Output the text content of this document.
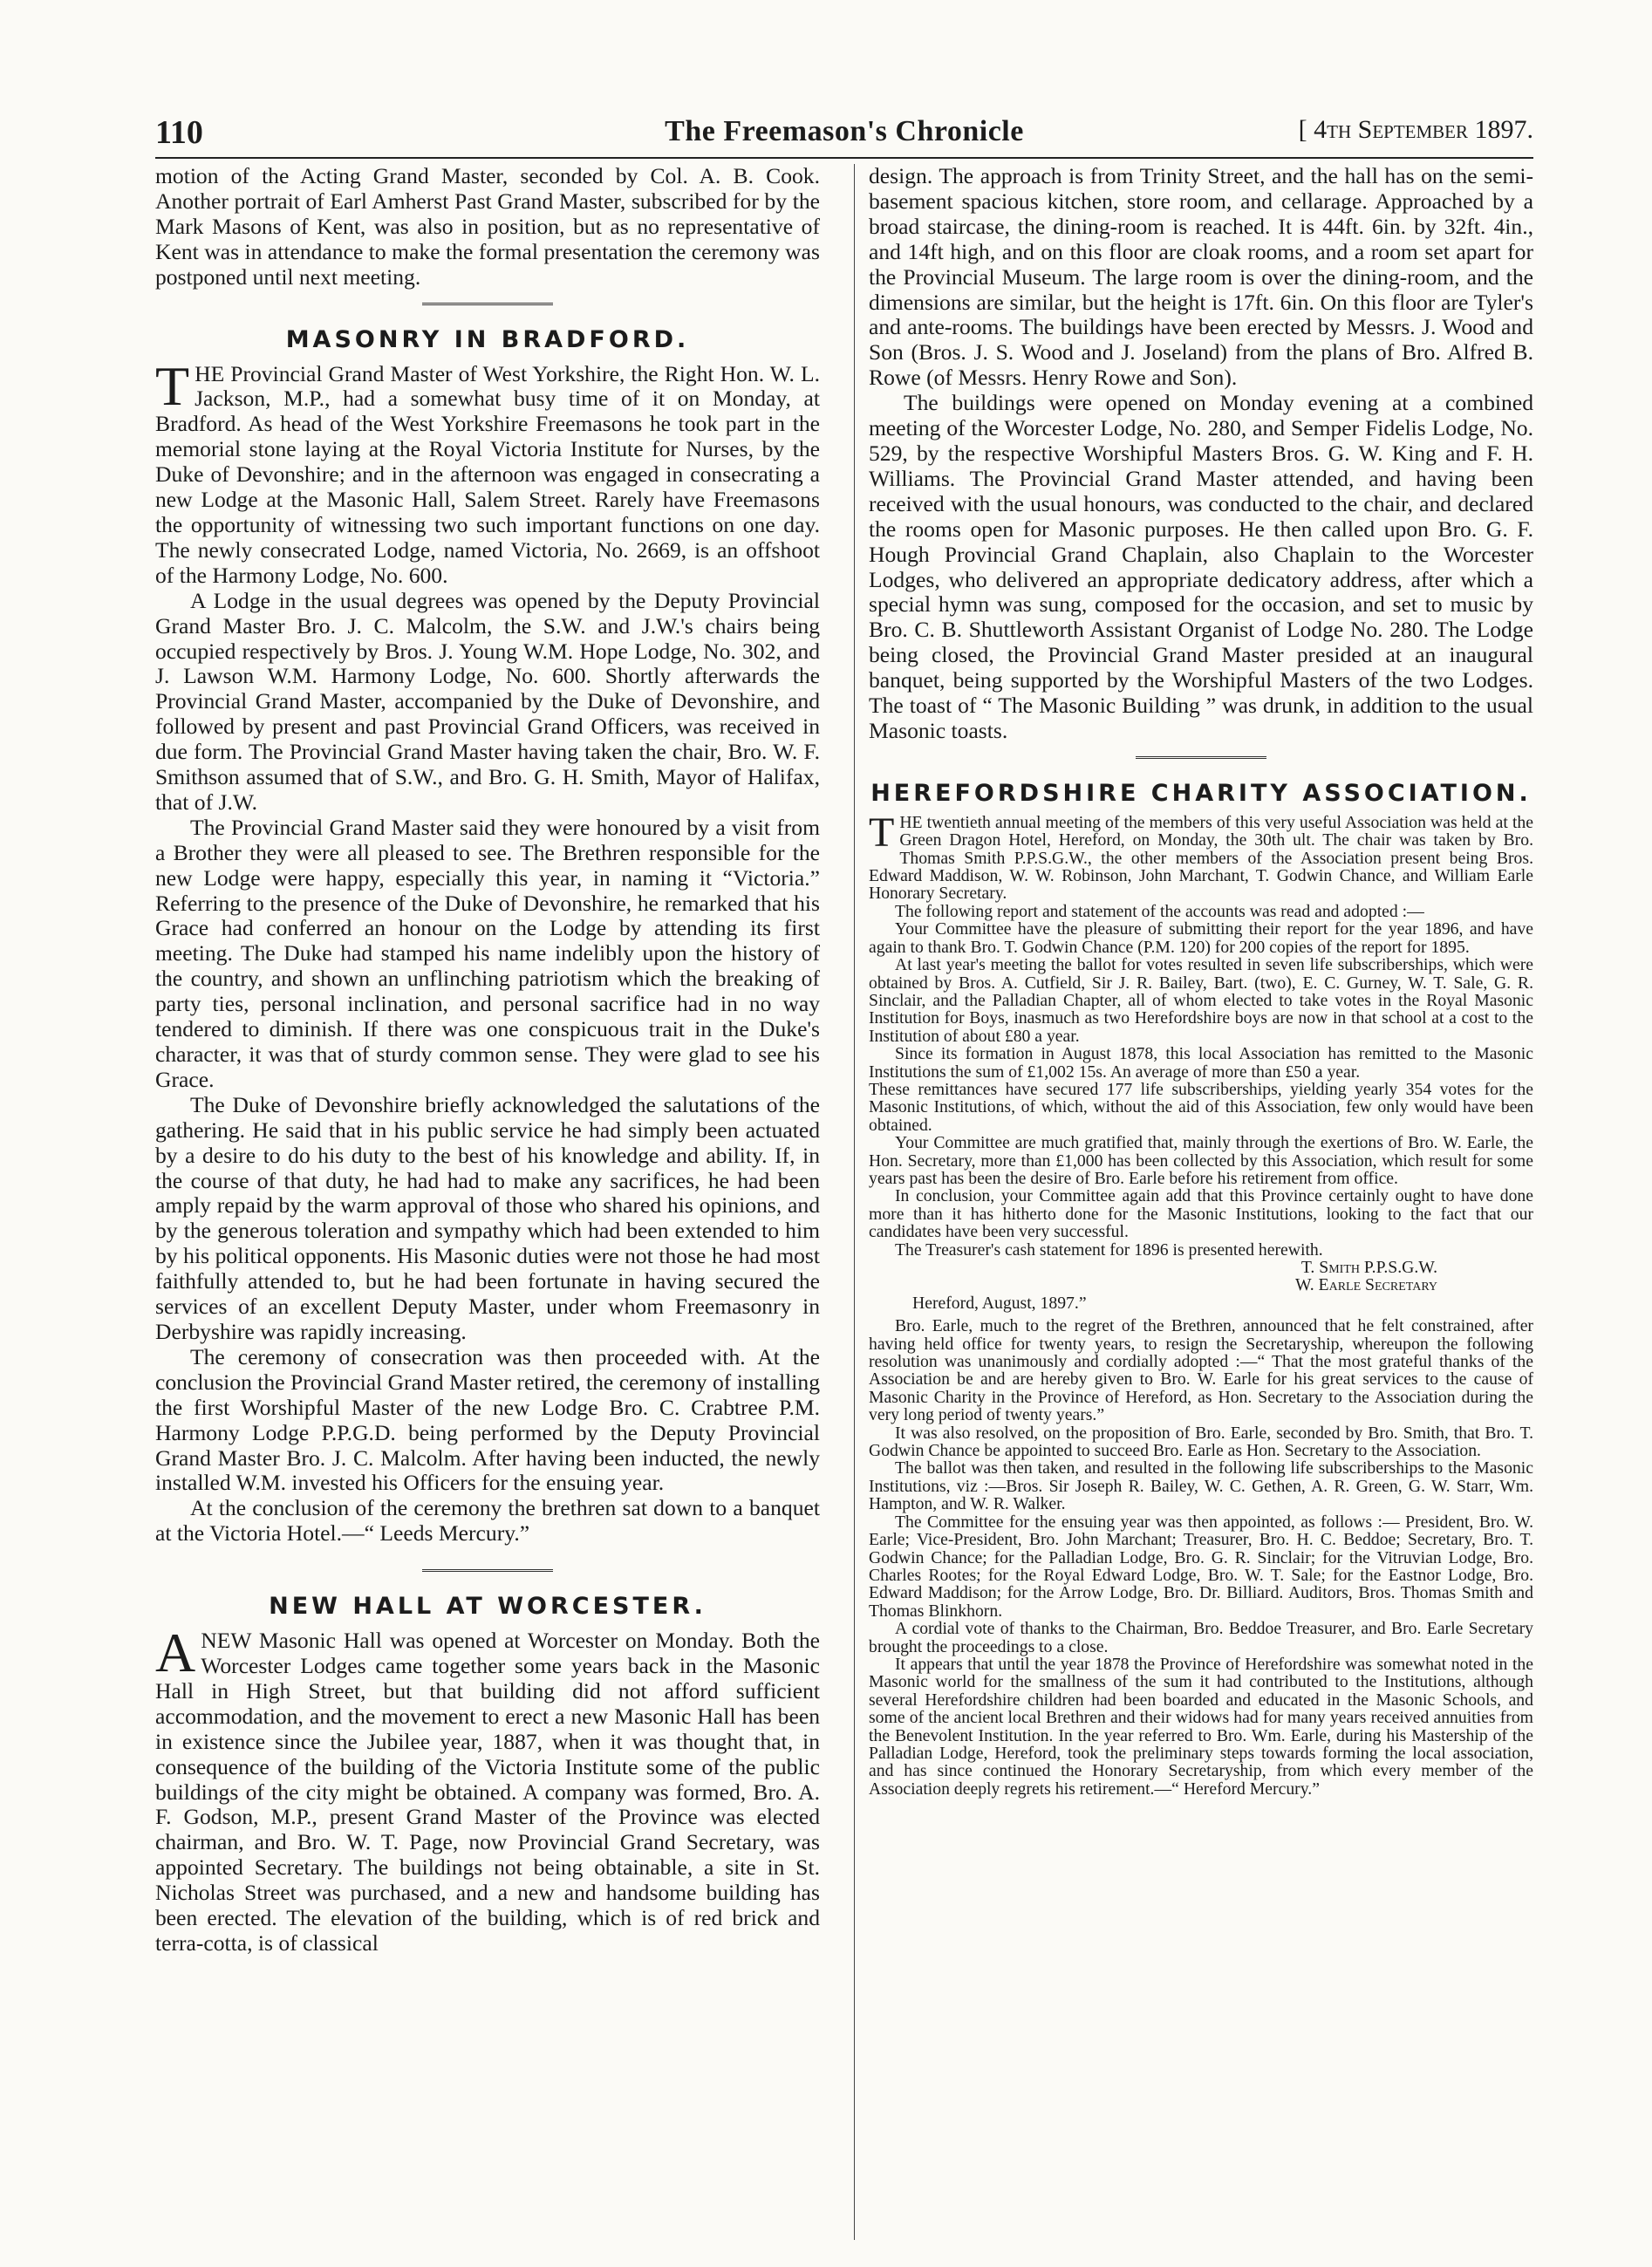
110	The Freemason's Chronicle	[ 4th September 1897.

motion of the Acting Grand Master, seconded by Col. A. B. Cook. Another portrait of Earl Amherst Past Grand Master, subscribed for by the Mark Masons of Kent, was also in position, but as no representative of Kent was in attendance to make the formal presentation the ceremony was postponed until next meeting.

MASONRY IN BRADFORD.

THE Provincial Grand Master of West Yorkshire, the Right Hon. W. L. Jackson, M.P., had a somewhat busy time of it on Monday, at Bradford. As head of the West Yorkshire Freemasons he took part in the memorial stone laying at the Royal Victoria Institute for Nurses, by the Duke of Devonshire; and in the afternoon was engaged in consecrating a new Lodge at the Masonic Hall, Salem Street. Rarely have Freemasons the opportunity of witnessing two such important functions on one day. The newly consecrated Lodge, named Victoria, No. 2669, is an offshoot of the Harmony Lodge, No. 600.

A Lodge in the usual degrees was opened by the Deputy Provincial Grand Master Bro. J. C. Malcolm, the S.W. and J.W.'s chairs being occupied respectively by Bros. J. Young W.M. Hope Lodge, No. 302, and J. Lawson W.M. Harmony Lodge, No. 600. Shortly afterwards the Provincial Grand Master, accompanied by the Duke of Devonshire, and followed by present and past Provincial Grand Officers, was received in due form. The Provincial Grand Master having taken the chair, Bro. W. F. Smithson assumed that of S.W., and Bro. G. H. Smith, Mayor of Halifax, that of J.W.

The Provincial Grand Master said they were honoured by a visit from a Brother they were all pleased to see. The Brethren responsible for the new Lodge were happy, especially this year, in naming it “Victoria.” Referring to the presence of the Duke of Devonshire, he remarked that his Grace had conferred an honour on the Lodge by attending its first meeting. The Duke had stamped his name indelibly upon the history of the country, and shown an unflinching patriotism which the breaking of party ties, personal inclination, and personal sacrifice had in no way tendered to diminish. If there was one conspicuous trait in the Duke's character, it was that of sturdy common sense. They were glad to see his Grace.

The Duke of Devonshire briefly acknowledged the salutations of the gathering. He said that in his public service he had simply been actuated by a desire to do his duty to the best of his knowledge and ability. If, in the course of that duty, he had had to make any sacrifices, he had been amply repaid by the warm approval of those who shared his opinions, and by the generous toleration and sympathy which had been extended to him by his political opponents. His Masonic duties were not those he had most faithfully attended to, but he had been fortunate in having secured the services of an excellent Deputy Master, under whom Freemasonry in Derbyshire was rapidly increasing.

The ceremony of consecration was then proceeded with. At the conclusion the Provincial Grand Master retired, the ceremony of installing the first Worshipful Master of the new Lodge Bro. C. Crabtree P.M. Harmony Lodge P.P.G.D. being performed by the Deputy Provincial Grand Master Bro. J. C. Malcolm. After having been inducted, the newly installed W.M. invested his Officers for the ensuing year.

At the conclusion of the ceremony the brethren sat down to a banquet at the Victoria Hotel.—“ Leeds Mercury.”

NEW HALL AT WORCESTER.

ANEW Masonic Hall was opened at Worcester on Monday. Both the Worcester Lodges came together some years back in the Masonic Hall in High Street, but that building did not afford sufficient accommodation, and the movement to erect a new Masonic Hall has been in existence since the Jubilee year, 1887, when it was thought that, in consequence of the building of the Victoria Institute some of the public buildings of the city might be obtained. A company was formed, Bro. A. F. Godson, M.P., present Grand Master of the Province was elected chairman, and Bro. W. T. Page, now Provincial Grand Secretary, was appointed Secretary. The buildings not being obtainable, a site in St. Nicholas Street was purchased, and a new and handsome building has been erected. The elevation of the building, which is of red brick and terra-cotta, is of classical

design. The approach is from Trinity Street, and the hall has on the semi-basement spacious kitchen, store room, and cellarage. Approached by a broad staircase, the dining-room is reached. It is 44ft. 6in. by 32ft. 4in., and 14ft high, and on this floor are cloak rooms, and a room set apart for the Provincial Museum. The large room is over the dining-room, and the dimensions are similar, but the height is 17ft. 6in. On this floor are Tyler's and ante-rooms. The buildings have been erected by Messrs. J. Wood and Son (Bros. J. S. Wood and J. Joseland) from the plans of Bro. Alfred B. Rowe (of Messrs. Henry Rowe and Son).

The buildings were opened on Monday evening at a combined meeting of the Worcester Lodge, No. 280, and Semper Fidelis Lodge, No. 529, by the respective Worshipful Masters Bros. G. W. King and F. H. Williams. The Provincial Grand Master attended, and having been received with the usual honours, was conducted to the chair, and declared the rooms open for Masonic purposes. He then called upon Bro. G. F. Hough Provincial Grand Chaplain, also Chaplain to the Worcester Lodges, who delivered an appropriate dedicatory address, after which a special hymn was sung, composed for the occasion, and set to music by Bro. C. B. Shuttleworth Assistant Organist of Lodge No. 280. The Lodge being closed, the Provincial Grand Master presided at an inaugural banquet, being supported by the Worshipful Masters of the two Lodges. The toast of “ The Masonic Building ” was drunk, in addition to the usual Masonic toasts.

HEREFORDSHIRE CHARITY ASSOCIATION.

THE twentieth annual meeting of the members of this very useful Association was held at the Green Dragon Hotel, Hereford, on Monday, the 30th ult. The chair was taken by Bro. Thomas Smith P.P.S.G.W., the other members of the Association present being Bros. Edward Maddison, W. W. Robinson, John Marchant, T. Godwin Chance, and William Earle Honorary Secretary.

The following report and statement of the accounts was read and adopted :—

Your Committee have the pleasure of submitting their report for the year 1896, and have again to thank Bro. T. Godwin Chance (P.M. 120) for 200 copies of the report for 1895.

At last year's meeting the ballot for votes resulted in seven life subscriberships, which were obtained by Bros. A. Cutfield, Sir J. R. Bailey, Bart. (two), E. C. Gurney, W. T. Sale, G. R. Sinclair, and the Palladian Chapter, all of whom elected to take votes in the Royal Masonic Institution for Boys, inasmuch as two Herefordshire boys are now in that school at a cost to the Institution of about £80 a year.

Since its formation in August 1878, this local Association has remitted to the Masonic Institutions the sum of £1,002 15s. An average of more than £50 a year.

These remittances have secured 177 life subscriberships, yielding yearly 354 votes for the Masonic Institutions, of which, without the aid of this Association, few only would have been obtained.

Your Committee are much gratified that, mainly through the exertions of Bro. W. Earle, the Hon. Secretary, more than £1,000 has been collected by this Association, which result for some years past has been the desire of Bro. Earle before his retirement from office.

In conclusion, your Committee again add that this Province certainly ought to have done more than it has hitherto done for the Masonic Institutions, looking to the fact that our candidates have been very successful.

The Treasurer's cash statement for 1896 is presented herewith.

T. Smith P.P.S.G.W.

W. Earle Secretary

Hereford, August, 1897.”

Bro. Earle, much to the regret of the Brethren, announced that he felt constrained, after having held office for twenty years, to resign the Secretaryship, whereupon the following resolution was unanimously and cordially adopted :—“ That the most grateful thanks of the Association be and are hereby given to Bro. W. Earle for his great services to the cause of Masonic Charity in the Province of Hereford, as Hon. Secretary to the Association during the very long period of twenty years.”

It was also resolved, on the proposition of Bro. Earle, seconded by Bro. Smith, that Bro. T. Godwin Chance be appointed to succeed Bro. Earle as Hon. Secretary to the Association.

The ballot was then taken, and resulted in the following life subscriberships to the Masonic Institutions, viz :—Bros. Sir Joseph R. Bailey, W. C. Gethen, A. R. Green, G. W. Starr, Wm. Hampton, and W. R. Walker.

The Committee for the ensuing year was then appointed, as follows :— President, Bro. W. Earle; Vice-President, Bro. John Marchant; Treasurer, Bro. H. C. Beddoe; Secretary, Bro. T. Godwin Chance; for the Palladian Lodge, Bro. G. R. Sinclair; for the Vitruvian Lodge, Bro. Charles Rootes; for the Royal Edward Lodge, Bro. W. T. Sale; for the Eastnor Lodge, Bro. Edward Maddison; for the Arrow Lodge, Bro. Dr. Billiard. Auditors, Bros. Thomas Smith and Thomas Blinkhorn.

A cordial vote of thanks to the Chairman, Bro. Beddoe Treasurer, and Bro. Earle Secretary brought the proceedings to a close.

It appears that until the year 1878 the Province of Herefordshire was somewhat noted in the Masonic world for the smallness of the sum it had contributed to the Institutions, although several Herefordshire children had been boarded and educated in the Masonic Schools, and some of the ancient local Brethren and their widows had for many years received annuities from the Benevolent Institution. In the year referred to Bro. Wm. Earle, during his Mastership of the Palladian Lodge, Hereford, took the preliminary steps towards forming the local association, and has since continued the Honorary Secretaryship, from which every member of the Association deeply regrets his retirement.—“ Hereford Mercury.”
